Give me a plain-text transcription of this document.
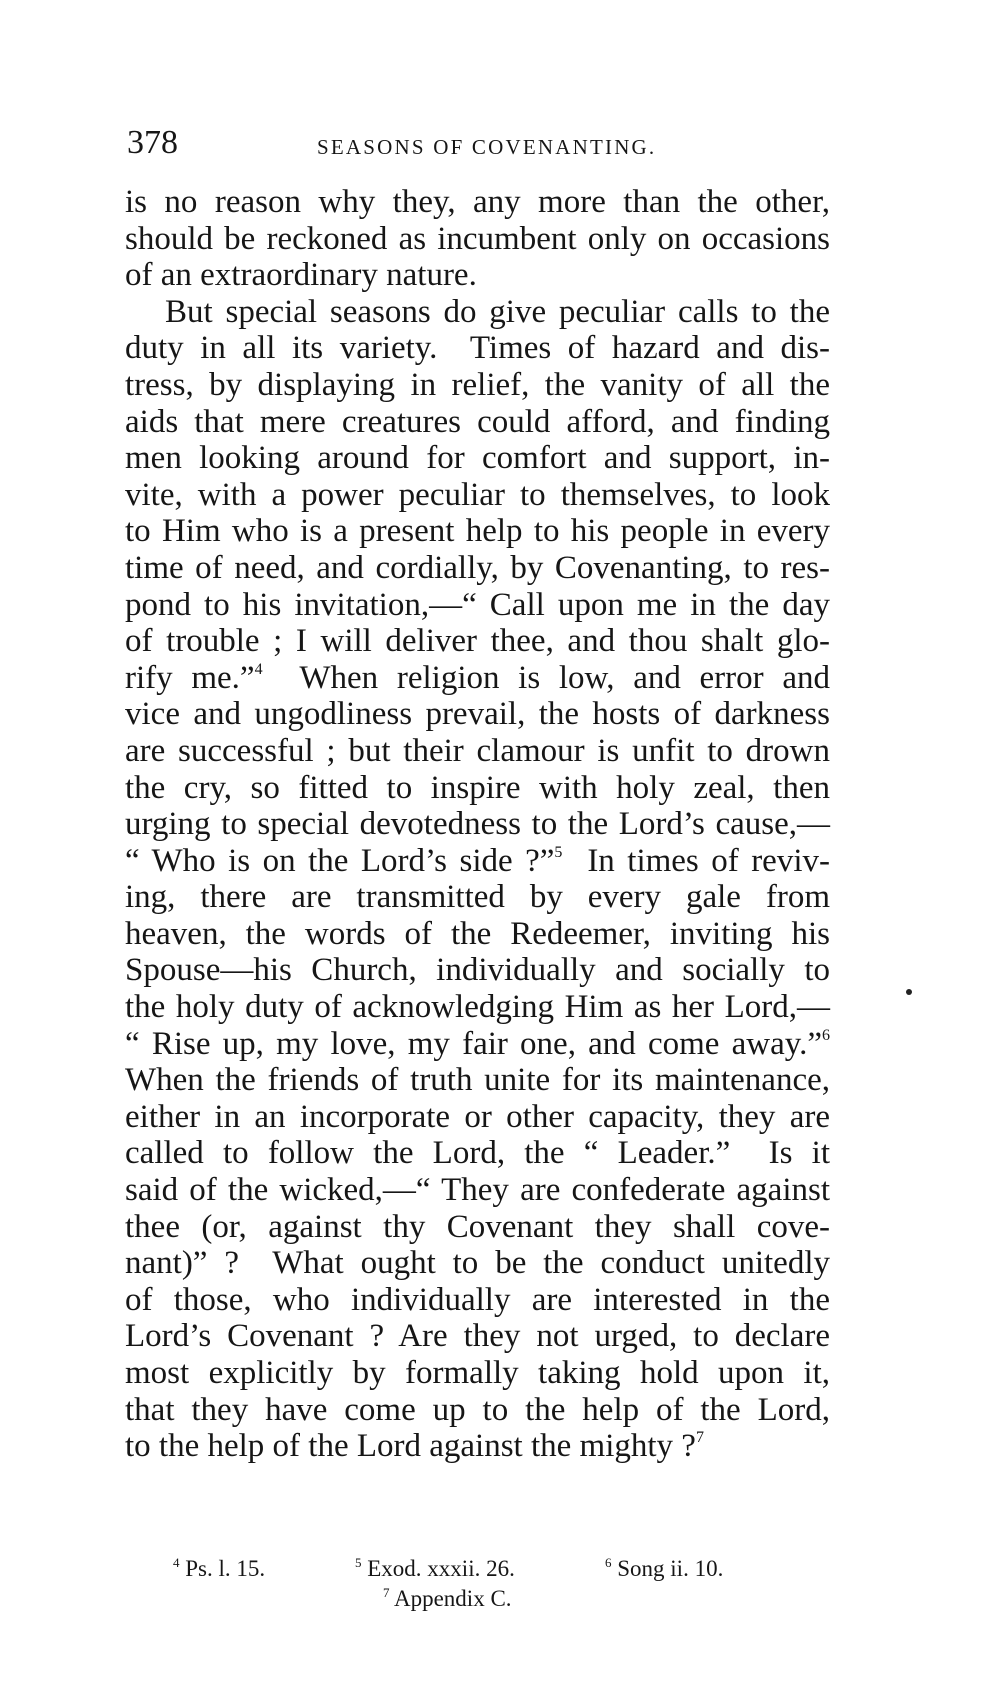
378	SEASONS OF COVENANTING.
is no reason why they, any more than the other,
should be reckoned as incumbent only on occasions
of an extraordinary nature.
But special seasons do give peculiar calls to the
duty in all its variety.  Times of hazard and dis-
tress, by displaying in relief, the vanity of all the
aids that mere creatures could afford, and finding
men looking around for comfort and support, in-
vite, with a power peculiar to themselves, to look
to Him who is a present help to his people in every
time of need, and cordially, by Covenanting, to res-
pond to his invitation,—“ Call upon me in the day
of trouble ; I will deliver thee, and thou shalt glo-
rify me.”$^4$  When religion is low, and error and
vice and ungodliness prevail, the hosts of darkness
are successful ; but their clamour is unfit to drown
the cry, so fitted to inspire with holy zeal, then
urging to special devotedness to the Lord’s cause,—
“ Who is on the Lord’s side ?”$^5$  In times of reviv-
ing, there are transmitted by every gale from
heaven, the words of the Redeemer, inviting his
Spouse—his Church, individually and socially to
the holy duty of acknowledging Him as her Lord,—
“ Rise up, my love, my fair one, and come away.”$^6$
When the friends of truth unite for its maintenance,
either in an incorporate or other capacity, they are
called to follow the Lord, the “ Leader.”  Is it
said of the wicked,—“ They are confederate against
thee (or, against thy Covenant they shall cove-
nant)” ?  What ought to be the conduct unitedly
of those, who individually are interested in the
Lord’s Covenant ? Are they not urged, to declare
most explicitly by formally taking hold upon it,
that they have come up to the help of the Lord,
to the help of the Lord against the mighty ?$^7$
$^4$ Ps. l. 15.	$^5$ Exod. xxxii. 26.	$^6$ Song ii. 10.
$^7$ Appendix C.
